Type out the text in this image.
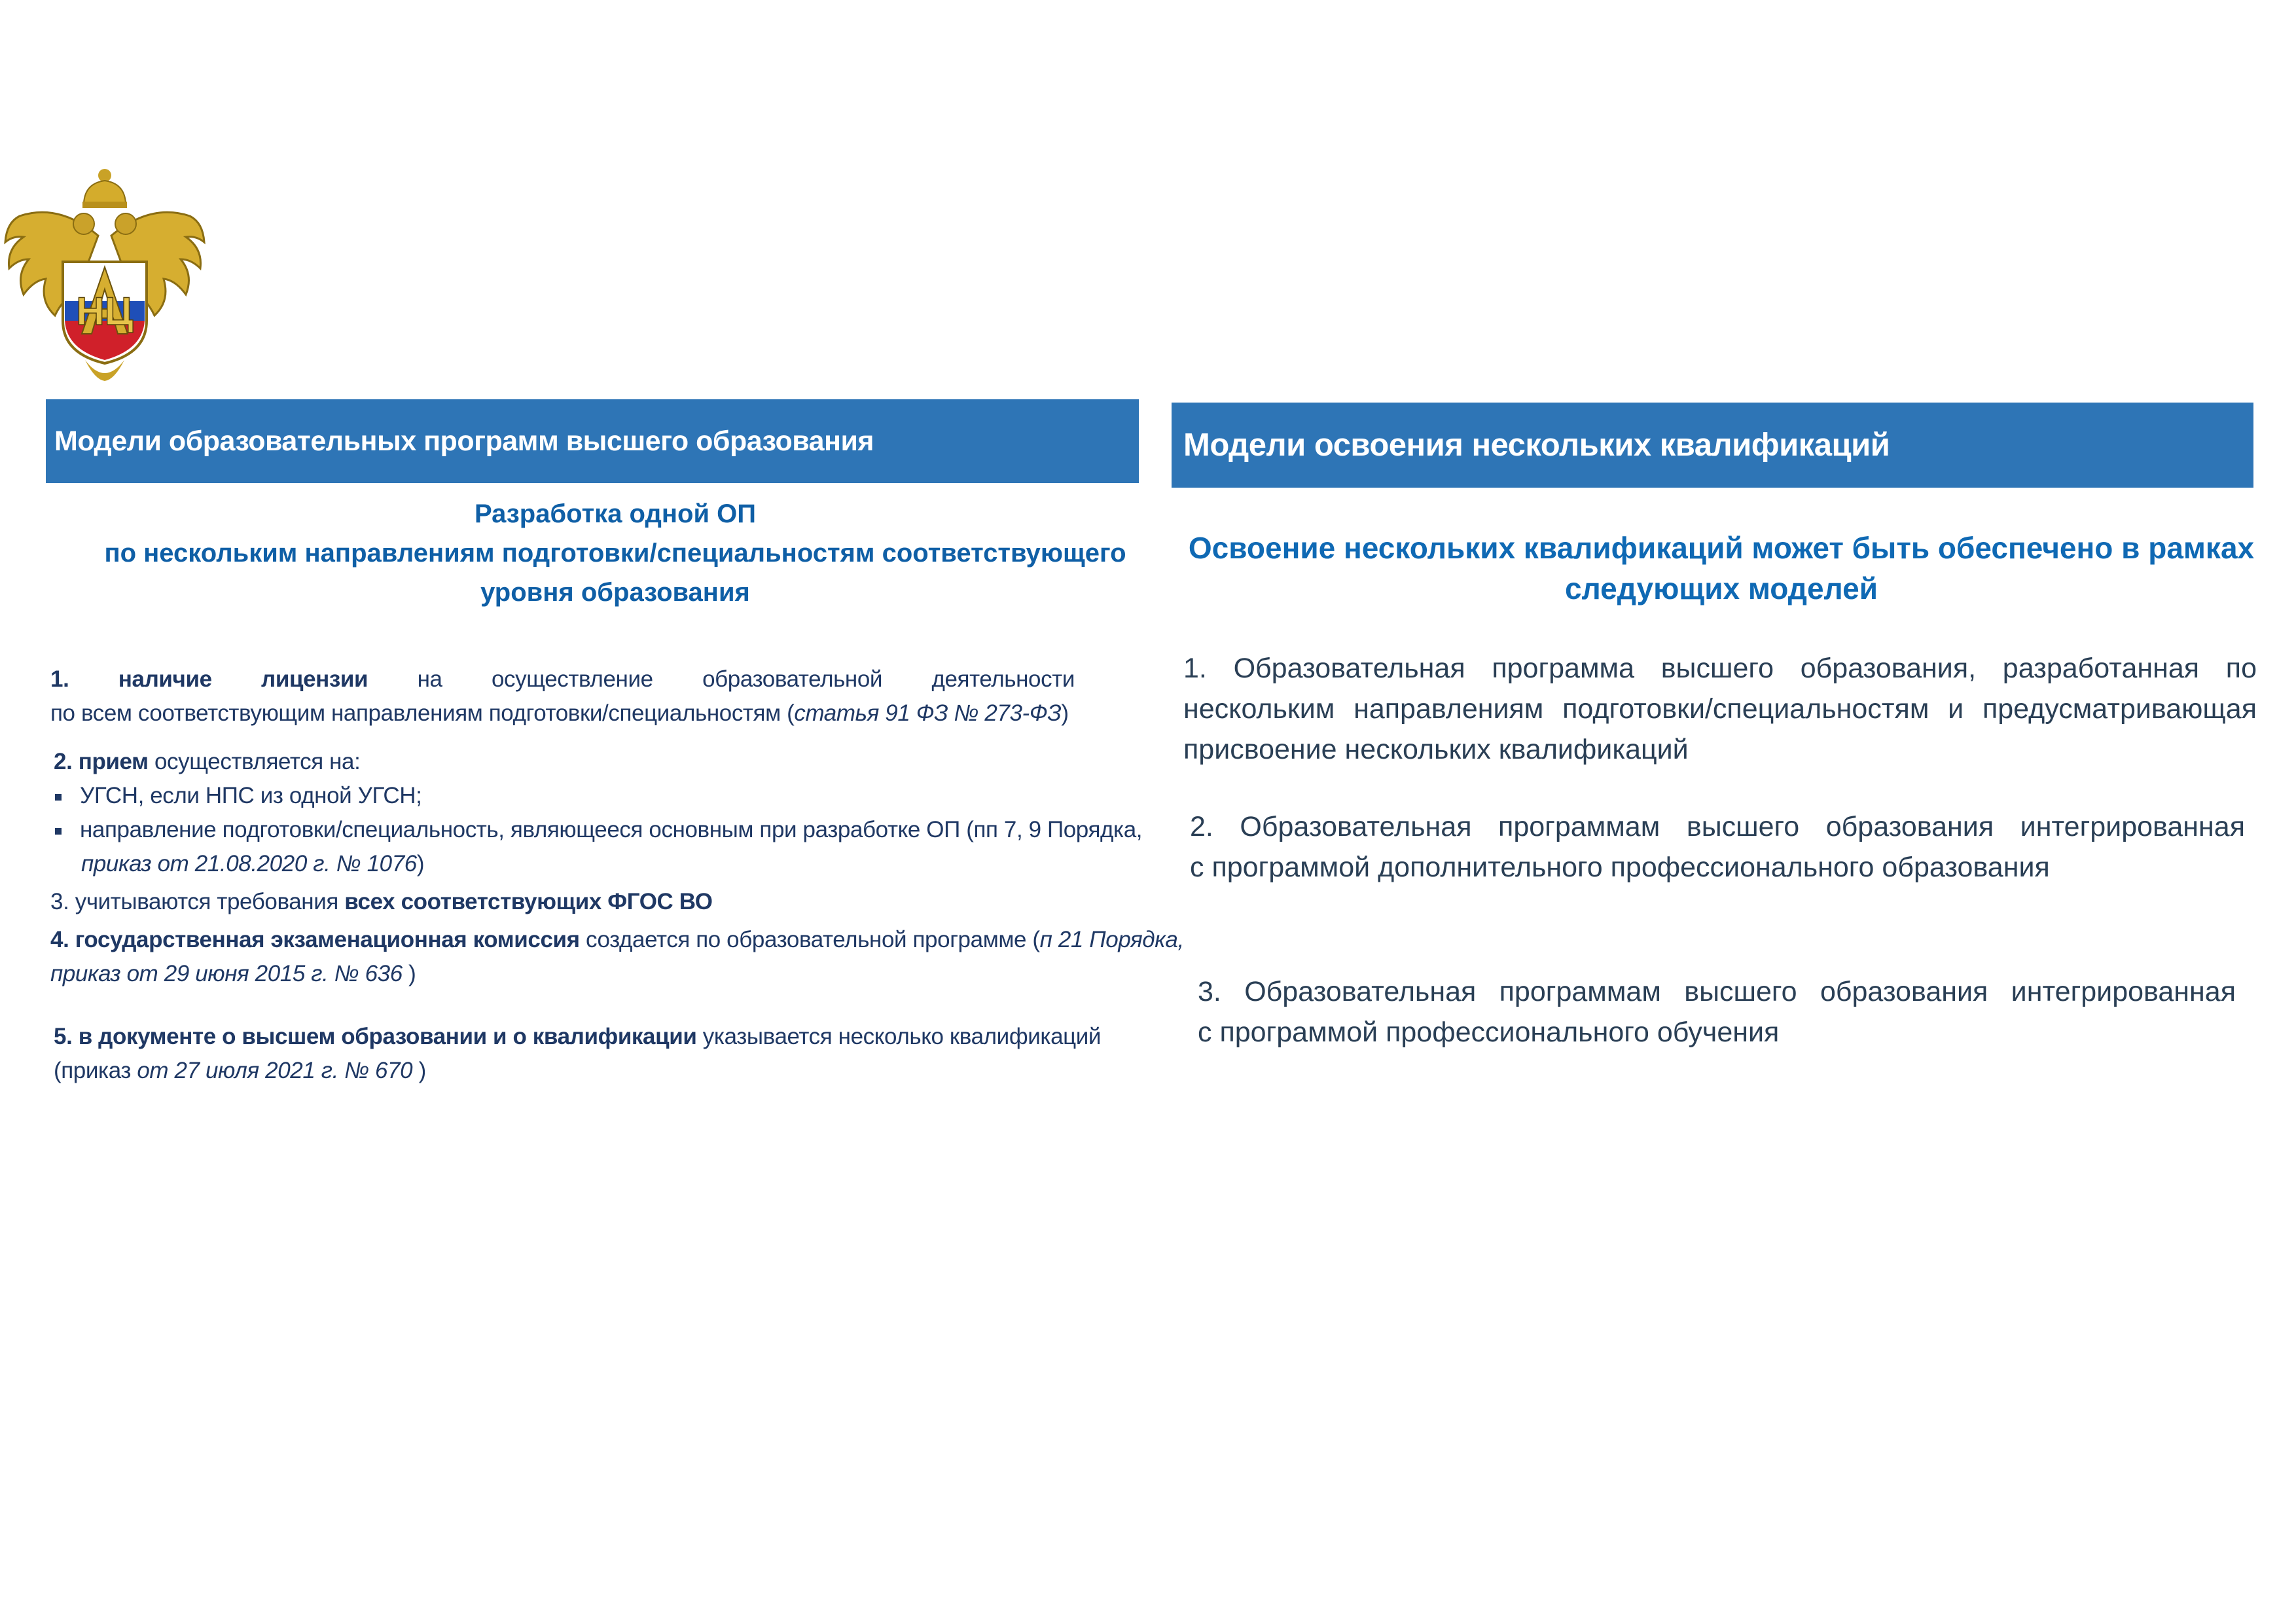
НЦ
Модели образовательных программ высшего образования
Разработка одной ОП
по нескольким направлениям подготовки/специальностям соответствующего
уровня образования
1. наличие лицензии на осуществление образовательной деятельности
по всем соответствующим направлениям подготовки/специальностям (статья 91 ФЗ № 273-ФЗ)
2. прием осуществляется на:
УГСН, если НПС из одной УГСН;
направление подготовки/специальность, являющееся основным при разработке ОП (пп 7, 9 Порядка,
приказ от 21.08.2020 г. № 1076)
3. учитываются требования всех соответствующих ФГОС ВО
4. государственная экзаменационная комиссия создается по образовательной программе (п 21 Порядка,
приказ от 29 июня 2015 г. № 636 )
5. в документе о высшем образовании и о квалификации указывается несколько квалификаций
(приказ от 27 июля 2021 г. № 670 )
Модели освоения нескольких квалификаций
Освоение нескольких квалификаций может быть обеспечено в рамках
следующих моделей
1. Образовательная программа высшего образования, разработанная по
нескольким направлениям подготовки/специальностям и предусматривающая
присвоение нескольких квалификаций
2. Образовательная программам высшего образования интегрированная
с программой дополнительного профессионального образования
3. Образовательная программам высшего образования интегрированная
с программой профессионального обучения
